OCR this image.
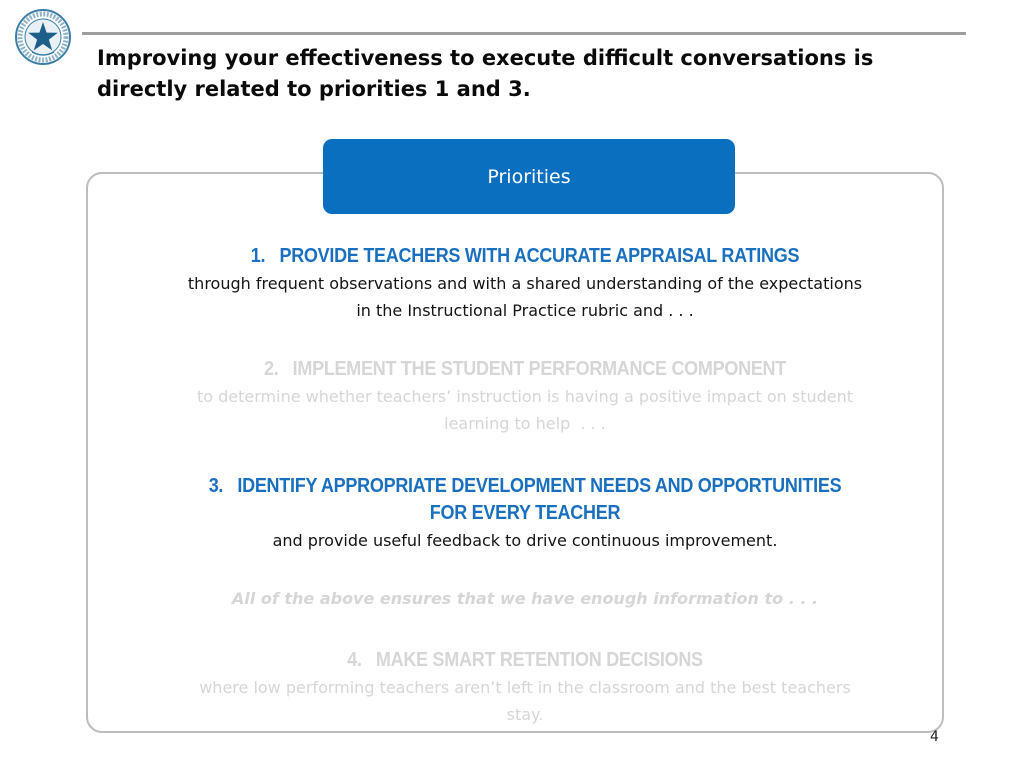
Improving your effectiveness to execute difficult conversations is
directly related to priorities 1 and 3.
Priorities
1.   PROVIDE TEACHERS WITH ACCURATE APPRAISAL RATINGS
through frequent observations and with a shared understanding of the expectations
in the Instructional Practice rubric and . . .
2.   IMPLEMENT THE STUDENT PERFORMANCE COMPONENT
to determine whether teachers’ instruction is having a positive impact on student
learning to help  . . .
3.   IDENTIFY APPROPRIATE DEVELOPMENT NEEDS AND OPPORTUNITIES
FOR EVERY TEACHER
and provide useful feedback to drive continuous improvement.
All of the above ensures that we have enough information to . . .
4.   MAKE SMART RETENTION DECISIONS
where low performing teachers aren’t left in the classroom and the best teachers
stay.
4
